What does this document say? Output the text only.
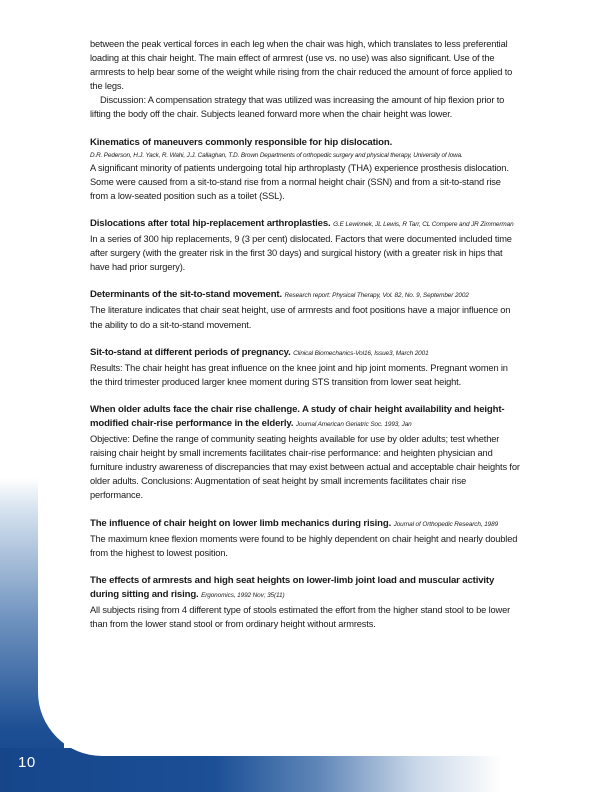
10

between the peak vertical forces in each leg when the chair was high, which translates to less preferential loading at this chair height. The main effect of armrest (use vs. no use) was also significant. Use of the armrests to help bear some of the weight while rising from the chair reduced the amount of force applied to the legs.

Discussion: A compensation strategy that was utilized was increasing the amount of hip flexion prior to lifting the body off the chair. Subjects leaned forward more when the chair height was lower.

Kinematics of maneuvers commonly responsible for hip dislocation.

D.R. Pederson, H.J. Yack, R. Wahi, J.J. Callaghan, T.D. Brown Departments of orthopedic surgery and physical therapy, University of Iowa.

A significant minority of patients undergoing total hip arthroplasty (THA) experience prosthesis dislocation. Some were caused from a sit-to-stand rise from a normal height chair (SSN) and from a sit-to-stand rise from a low-seated position such as a toilet (SSL).

Dislocations after total hip-replacement arthroplasties. G.E Lewinnek, JL Lewis, R Tarr, CL Compere and JR Zimmerman

In a series of 300 hip replacements, 9 (3 per cent) dislocated. Factors that were documented included time after surgery (with the greater risk in the first 30 days) and surgical history (with a greater risk in hips that have had prior surgery).

Determinants of the sit-to-stand movement. Research report: Physical Therapy, Vol. 82, No. 9, September 2002

The literature indicates that chair seat height, use of armrests and foot positions have a major influence on the ability to do a sit-to-stand movement.

Sit-to-stand at different periods of pregnancy. Clinical Biomechanics-Vol16, Issue3, March 2001

Results: The chair height has great influence on the knee joint and hip joint moments. Pregnant women in the third trimester produced larger knee moment during STS transition from lower seat height.

When older adults face the chair rise challenge. A study of chair height availability and height-modified chair-rise performance in the elderly. Journal American Geriatric Soc. 1993, Jan

Objective: Define the range of community seating heights available for use by older adults; test whether raising chair height by small increments facilitates chair-rise performance: and heighten physician and furniture industry awareness of discrepancies that may exist between actual and acceptable chair heights for older adults. Conclusions: Augmentation of seat height by small increments facilitates chair rise performance.

The influence of chair height on lower limb mechanics during rising. Journal of Orthopedic Research, 1989

The maximum knee flexion moments were found to be highly dependent on chair height and nearly doubled from the highest to lowest position.

The effects of armrests and high seat heights on lower-limb joint load and muscular activity during sitting and rising. Ergonomics, 1992 Nov; 35(11)

All subjects rising from 4 different type of stools estimated the effort from the higher stand stool to be lower than from the lower stand stool or from ordinary height without armrests.
